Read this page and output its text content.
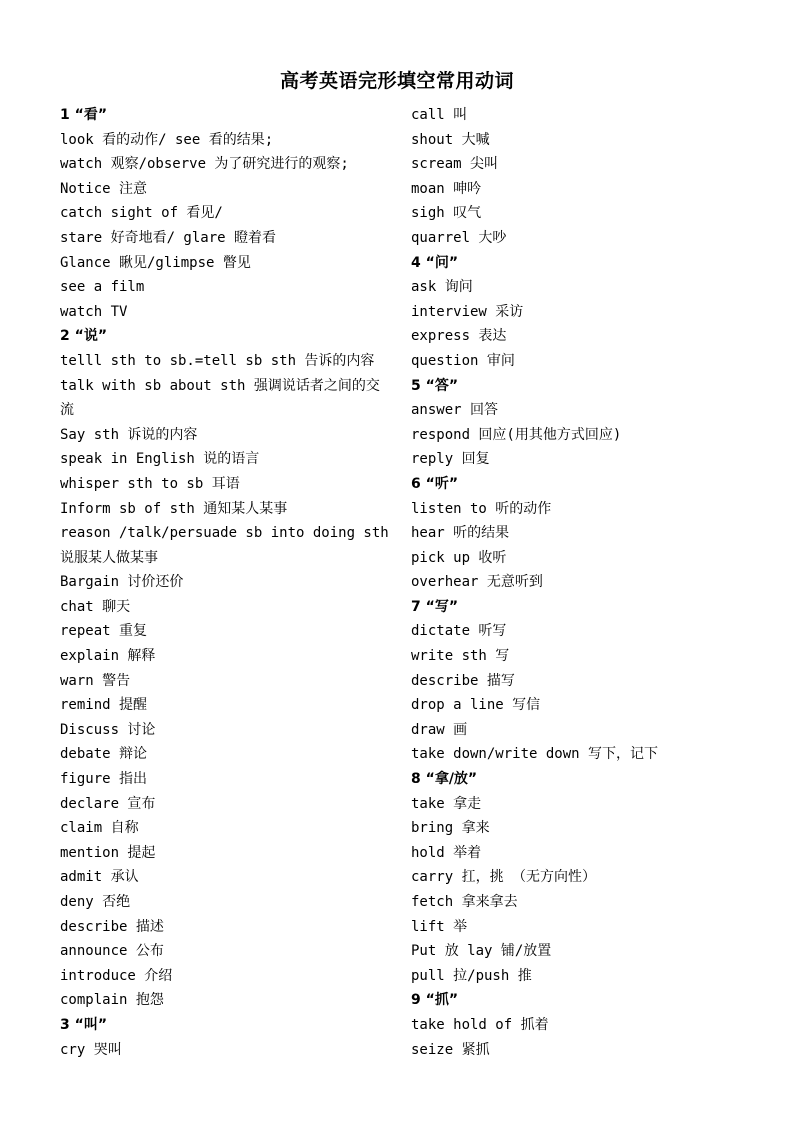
高考英语完形填空常用动词
1 “看”
look 看的动作/ see 看的结果;
watch 观察/observe 为了研究进行的观察;
Notice 注意
catch sight of 看见/
stare 好奇地看/ glare 瞪着看
Glance 瞅见/glimpse 瞥见
see a film
watch TV
2 “说”
telll sth to sb.=tell sb sth 告诉的内容
talk with sb about sth 强调说话者之间的交流
Say sth 诉说的内容
speak in English 说的语言
whisper sth to sb 耳语
Inform sb of sth 通知某人某事
reason /talk/persuade sb into doing sth 说服某人做某事
Bargain 讨价还价
chat 聊天
repeat 重复
explain 解释
warn 警告
remind 提醒
Discuss 讨论
debate 辩论
figure 指出
declare 宣布
claim 自称
mention 提起
admit 承认
deny 否绝
describe 描述
announce 公布
introduce 介绍
complain 抱怨
3 “叫”
cry 哭叫
call 叫
shout 大喊
scream 尖叫
moan 呻吟
sigh 叹气
quarrel 大吵
4 “问”
ask 询问
interview 采访
express 表达
question 审问
5 “答”
answer 回答
respond 回应(用其他方式回应)
reply 回复
6 “听”
listen to 听的动作
hear 听的结果
pick up 收听
overhear 无意听到
7 “写”
dictate 听写
write sth 写
describe 描写
drop a line 写信
draw 画
take down/write down 写下，记下
8 “拿/放”
take 拿走
bring 拿来
hold 举着
carry 扛，挑 （无方向性）
fetch 拿来拿去
lift 举
Put 放 lay 铺/放置
pull 拉/push 推
9 “抓”
take hold of 抓着
seize 紧抓
